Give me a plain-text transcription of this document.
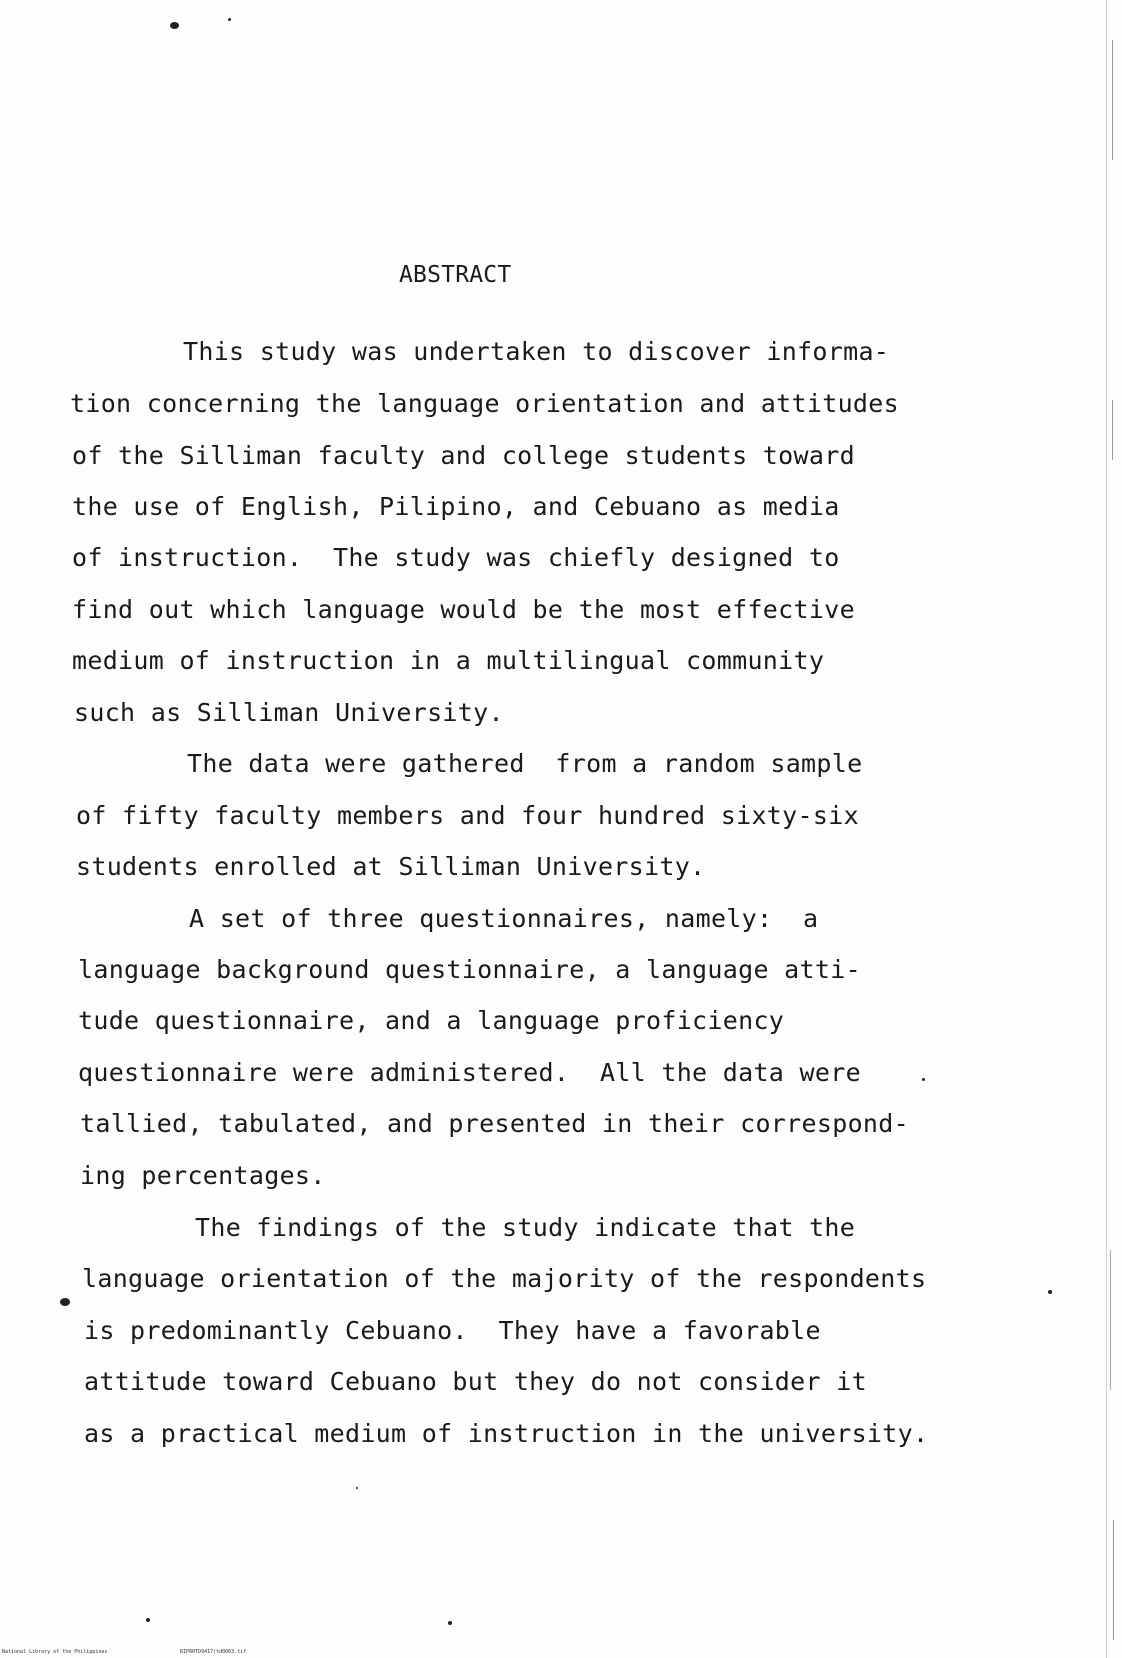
ABSTRACT
This study was undertaken to discover informa-
tion concerning the language orientation and attitudes
of the Silliman faculty and college students toward
the use of English, Pilipino, and Cebuano as media
of instruction.  The study was chiefly designed to
find out which language would be the most effective
medium of instruction in a multilingual community
such as Silliman University.
The data were gathered  from a random sample
of fifty faculty members and four hundred sixty-six
students enrolled at Silliman University.
A set of three questionnaires, namely:  a
language background questionnaire, a language atti-
tude questionnaire, and a language proficiency
questionnaire were administered.  All the data were
tallied, tabulated, and presented in their correspond-
ing percentages.
The findings of the study indicate that the
language orientation of the majority of the respondents
is predominantly Cebuano.  They have a favorable
attitude toward Cebuano but they do not consider it
as a practical medium of instruction in the university.
National Library of the Philippines	RIP80TD9417(td0003.tif
